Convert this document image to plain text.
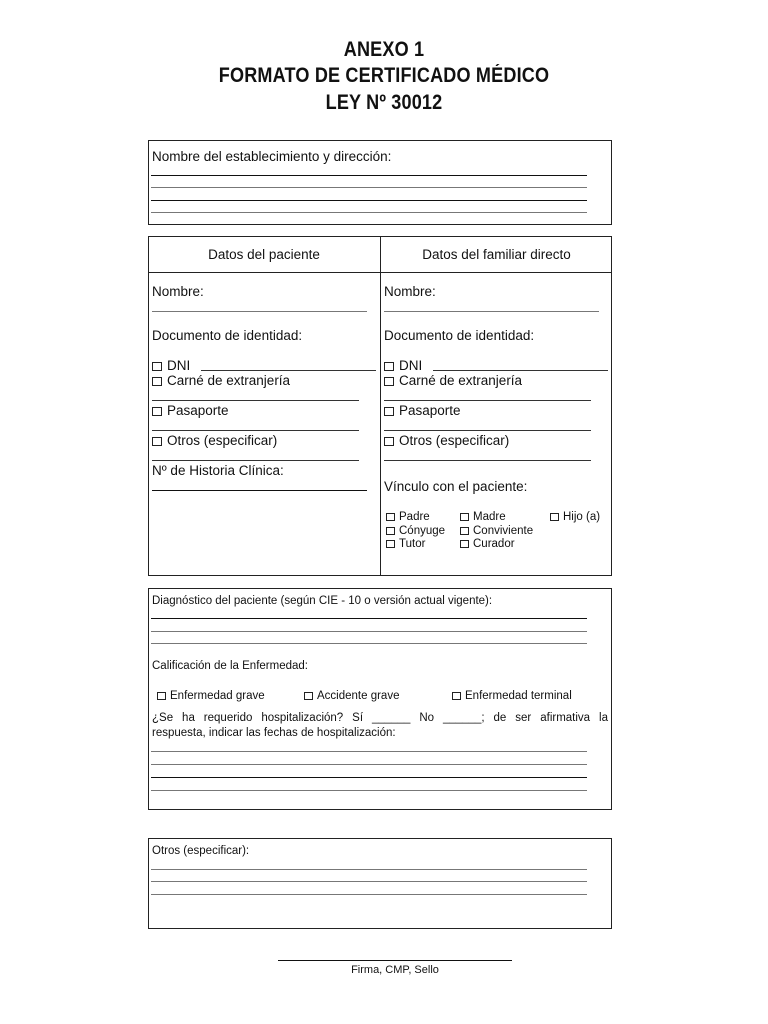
ANEXO 1
FORMATO DE CERTIFICADO MÉDICO
LEY Nº 30012
Nombre del establecimiento y dirección:
Datos del paciente	Datos del familiar directo
Nombre:
Documento de identidad:
DNI
Carné de extranjería
Pasaporte
Otros (especificar)
Nº de Historia Clínica:
Nombre:
Documento de identidad:
DNI
Carné de extranjería
Pasaporte
Otros (especificar)
Vínculo con el paciente:
Padre	Madre	Hijo (a)
Cónyuge	Conviviente
Tutor	Curador
Diagnóstico del paciente (según CIE - 10 o versión actual vigente):
Calificación de la Enfermedad:
Enfermedad grave	Accidente grave	Enfermedad terminal
¿Se ha requerido hospitalización? Sí ______ No ______; de ser afirmativa la
respuesta, indicar las fechas de hospitalización:
Otros (especificar):
Firma, CMP, Sello
